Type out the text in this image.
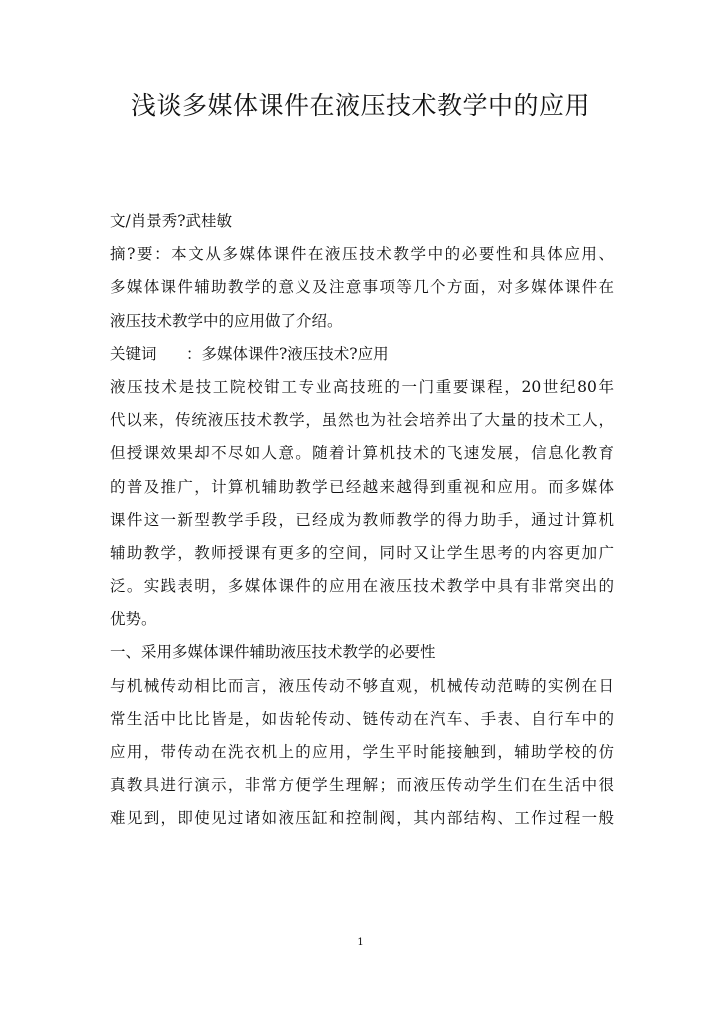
浅谈多媒体课件在液压技术教学中的应用
文/肖景秀?武桂敏
摘?要：本文从多媒体课件在液压技术教学中的必要性和具体应用、
多媒体课件辅助教学的意义及注意事项等几个方面，对多媒体课件在
液压技术教学中的应用做了介绍。
关键词 ：多媒体课件?液压技术?应用
液压技术是技工院校钳工专业高技班的一门重要课程，20世纪80年
代以来，传统液压技术教学，虽然也为社会培养出了大量的技术工人，
但授课效果却不尽如人意。随着计算机技术的飞速发展，信息化教育
的普及推广，计算机辅助教学已经越来越得到重视和应用。而多媒体
课件这一新型教学手段，已经成为教师教学的得力助手，通过计算机
辅助教学，教师授课有更多的空间，同时又让学生思考的内容更加广
泛。实践表明，多媒体课件的应用在液压技术教学中具有非常突出的
优势。
一、采用多媒体课件辅助液压技术教学的必要性
与机械传动相比而言，液压传动不够直观，机械传动范畴的实例在日
常生活中比比皆是，如齿轮传动、链传动在汽车、手表、自行车中的
应用，带传动在洗衣机上的应用，学生平时能接触到，辅助学校的仿
真教具进行演示，非常方便学生理解；而液压传动学生们在生活中很
难见到，即使见过诸如液压缸和控制阀，其内部结构、工作过程一般
1
